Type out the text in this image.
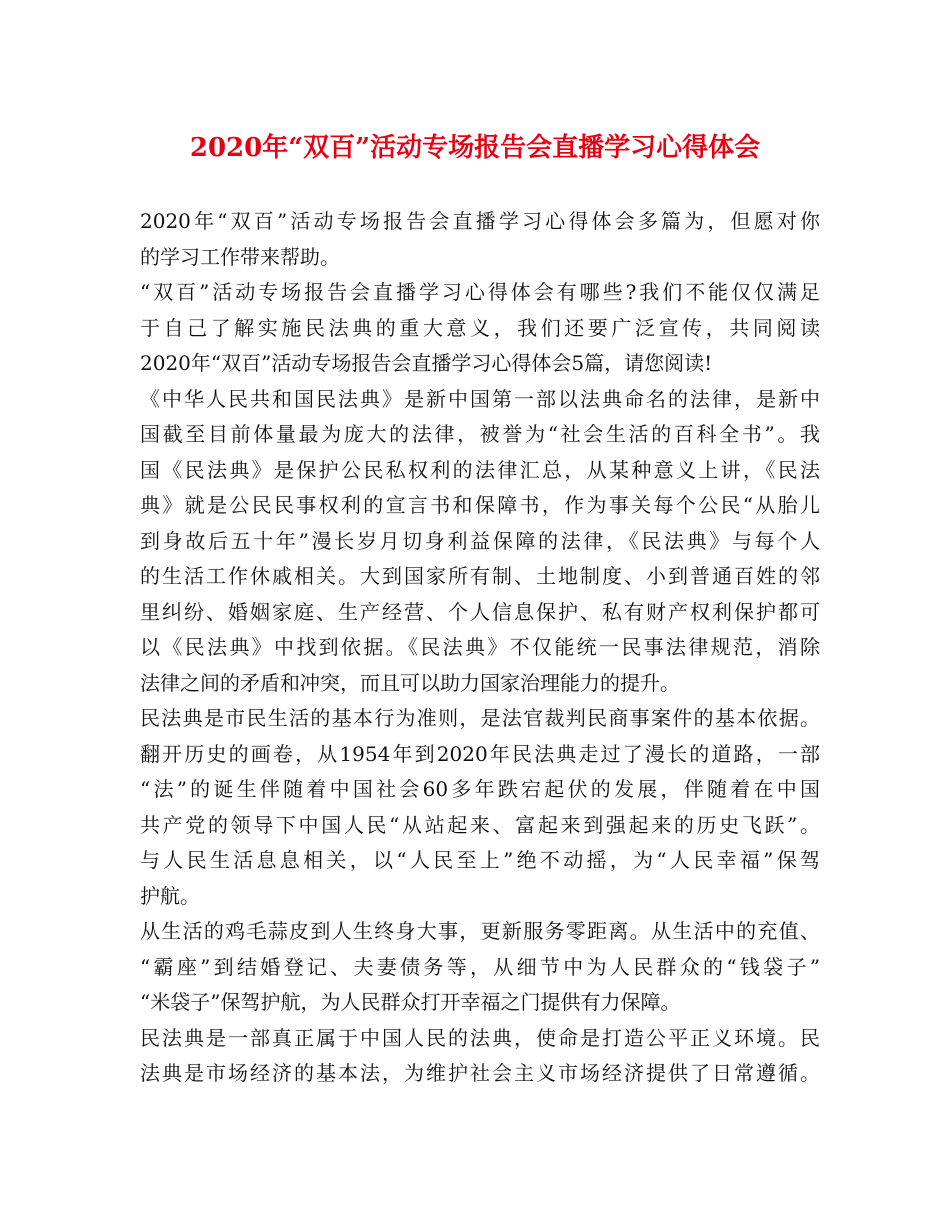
2020年“双百”活动专场报告会直播学习心得体会
2020年“双百”活动专场报告会直播学习心得体会多篇为，但愿对你
的学习工作带来帮助。
“双百”活动专场报告会直播学习心得体会有哪些?我们不能仅仅满足
于自己了解实施民法典的重大意义，我们还要广泛宣传，共同阅读
2020年“双百”活动专场报告会直播学习心得体会5篇，请您阅读!
《中华人民共和国民法典》是新中国第一部以法典命名的法律，是新中
国截至目前体量最为庞大的法律，被誉为“社会生活的百科全书”。我
国《民法典》是保护公民私权利的法律汇总，从某种意义上讲，《民法
典》就是公民民事权利的宣言书和保障书，作为事关每个公民“从胎儿
到身故后五十年”漫长岁月切身利益保障的法律，《民法典》与每个人
的生活工作休戚相关。大到国家所有制、土地制度、小到普通百姓的邻
里纠纷、婚姻家庭、生产经营、个人信息保护、私有财产权利保护都可
以《民法典》中找到依据。《民法典》不仅能统一民事法律规范，消除
法律之间的矛盾和冲突，而且可以助力国家治理能力的提升。
民法典是市民生活的基本行为准则，是法官裁判民商事案件的基本依据。
翻开历史的画卷，从1954年到2020年民法典走过了漫长的道路，一部
“法”的诞生伴随着中国社会60多年跌宕起伏的发展，伴随着在中国
共产党的领导下中国人民“从站起来、富起来到强起来的历史飞跃”。
与人民生活息息相关，以“人民至上”绝不动摇，为“人民幸福”保驾
护航。
从生活的鸡毛蒜皮到人生终身大事，更新服务零距离。从生活中的充值、
“霸座”到结婚登记、夫妻债务等，从细节中为人民群众的“钱袋子”
“米袋子”保驾护航，为人民群众打开幸福之门提供有力保障。
民法典是一部真正属于中国人民的法典，使命是打造公平正义环境。民
法典是市场经济的基本法，为维护社会主义市场经济提供了日常遵循。
